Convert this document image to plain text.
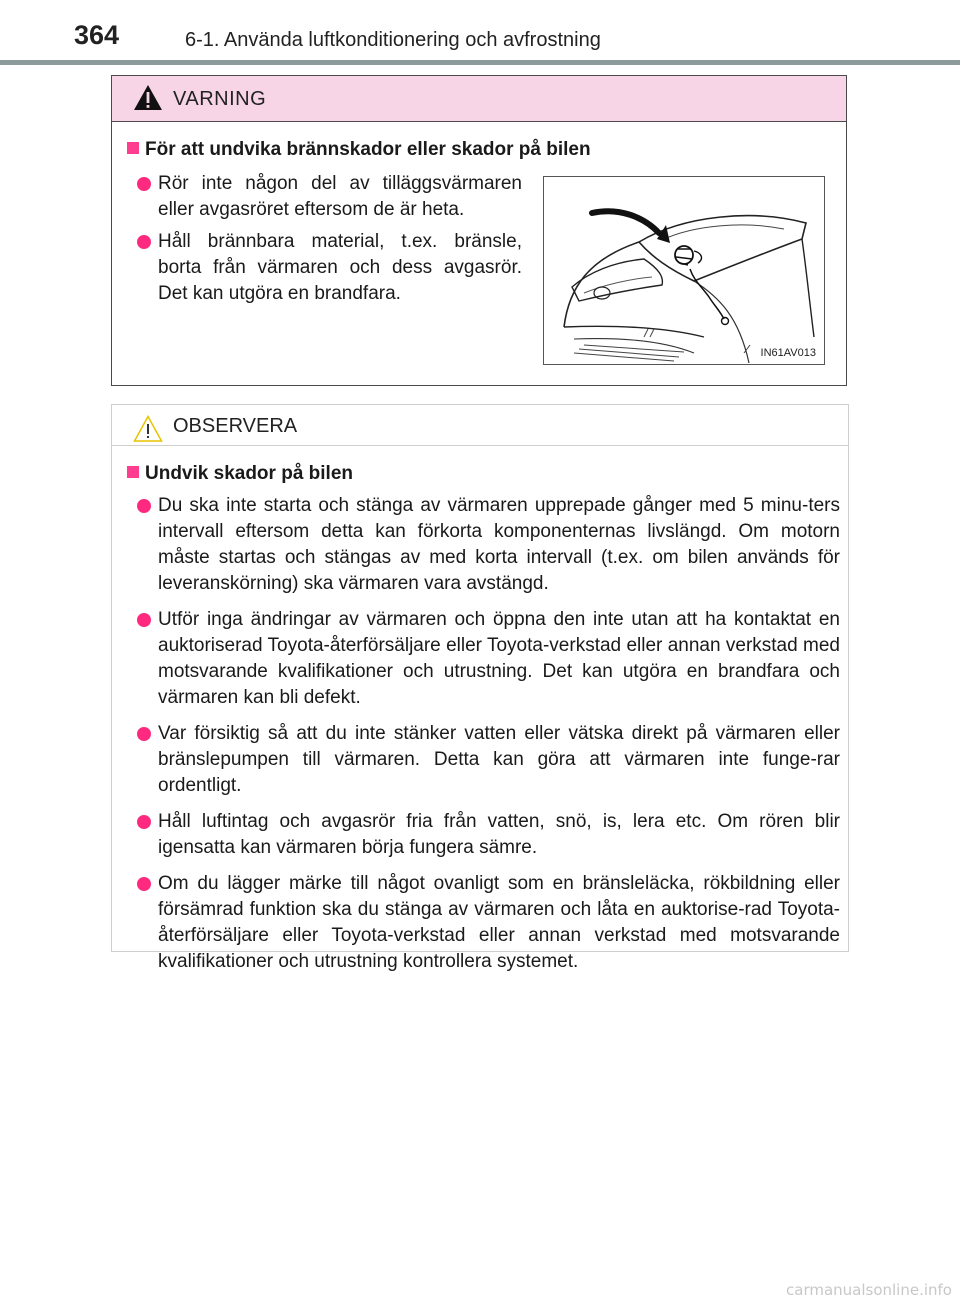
364	6-1. Använda luftkonditionering och avfrostning
VARNING
För att undvika brännskador eller skador på bilen
Rör inte någon del av tilläggsvärmaren eller avgasröret eftersom de är heta.
Håll brännbara material, t.ex. bränsle, borta från värmaren och dess avgasrör. Det kan utgöra en brandfara.
IN61AV013
OBSERVERA
Undvik skador på bilen
Du ska inte starta och stänga av värmaren upprepade gånger med 5 minu-ters intervall eftersom detta kan förkorta komponenternas livslängd. Om motorn måste startas och stängas av med korta intervall (t.ex. om bilen används för leveranskörning) ska värmaren vara avstängd.
Utför inga ändringar av värmaren och öppna den inte utan att ha kontaktat en auktoriserad Toyota-återförsäljare eller Toyota-verkstad eller annan verkstad med motsvarande kvalifikationer och utrustning. Det kan utgöra en brandfara och värmaren kan bli defekt.
Var försiktig så att du inte stänker vatten eller vätska direkt på värmaren eller bränslepumpen till värmaren. Detta kan göra att värmaren inte funge-rar ordentligt.
Håll luftintag och avgasrör fria från vatten, snö, is, lera etc. Om rören blir igensatta kan värmaren börja fungera sämre.
Om du lägger märke till något ovanligt som en bränsleläcka, rökbildning eller försämrad funktion ska du stänga av värmaren och låta en auktorise-rad Toyota-återförsäljare eller Toyota-verkstad eller annan verkstad med motsvarande kvalifikationer och utrustning kontrollera systemet.
carmanualsonline.info
